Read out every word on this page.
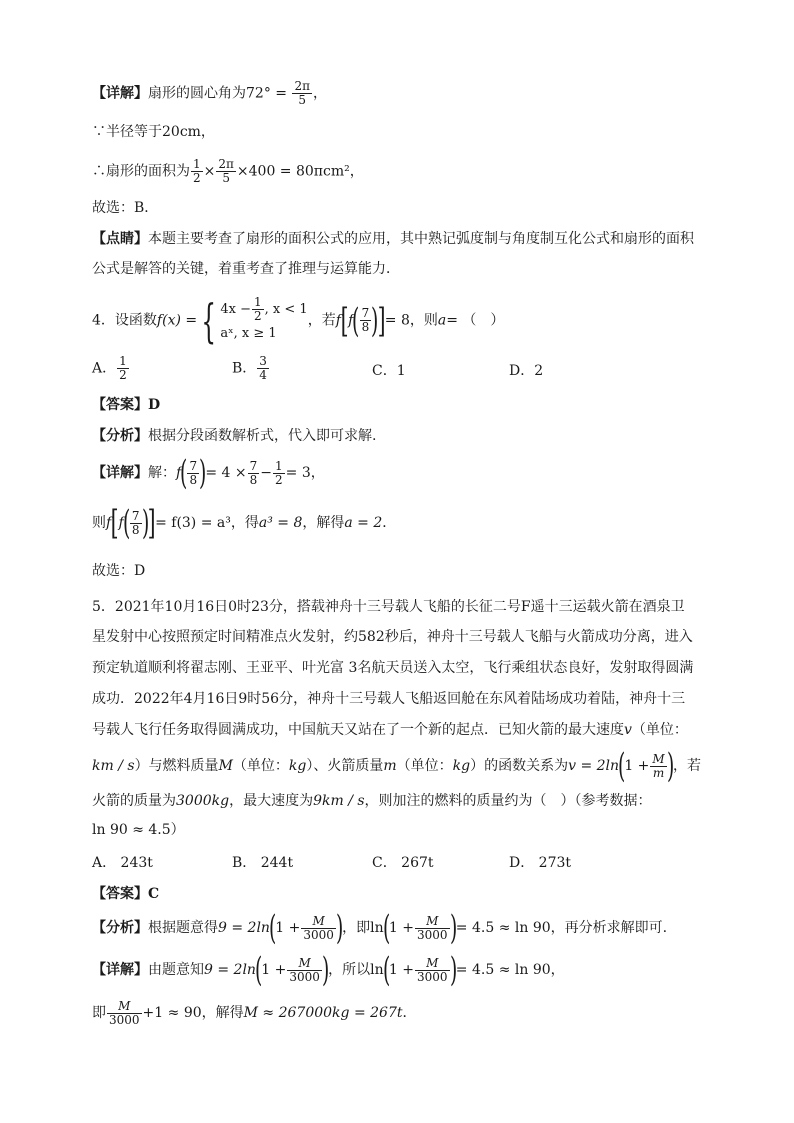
【详解】扇形的圆心角为$72^\circ = \frac{2\pi}{5}$ ，
∵半径等于20cm，
∴扇形的面积为 $\frac{1}{2} \times \frac{2\pi}{5} \times 400 = 80\pi cm^2$，
故选：B．
【点睛】本题主要考查了扇形的面积公式的应用，其中熟记弧度制与角度制互化公式和扇形的面积
公式是解答的关键，着重考查了推理与运算能力．
4．设函数f(x) ={ $4x - \frac{1}{2}$ , x < 1
aˣ, x ≥ 1
，若$f[f( \frac{7}{8}$ )]= 8，则a= （　）
A． $\frac{1}{2}$	B． $\frac{3}{4}$	C．1	D．2
【答案】D
【分析】根据分段函数解析式，代入即可求解.
【详解】解：$f( \frac{7}{8}$ )= $4 \times \frac{7}{8} - \frac{1}{2} = 3$，
则$f[f( \frac{7}{8}$ )]= f(3) = a³，得a³ = 8，解得a = 2．
故选：D
5．2021年10月16日0时23分，搭载神舟十三号载人飞船的长征二号F遥十三运载火箭在酒泉卫
星发射中心按照预定时间精准点火发射，约582秒后，神舟十三号载人飞船与火箭成功分离，进入
预定轨道顺利将翟志刚、王亚平、叶光富 3名航天员送入太空，飞行乘组状态良好，发射取得圆满
成功．2022年4月16日9时56分，神舟十三号载人飞船返回舱在东风着陆场成功着陆，神舟十三
号载人飞行任务取得圆满成功，中国航天又站在了一个新的起点．已知火箭的最大速度v（单位：
km / s）与燃料质量M（单位：kg）、火箭质量m（单位：kg）的函数关系为$v = 2\ln(1 + \frac{M}{m}$ )，若
火箭的质量为3000kg，最大速度为9km / s，则加注的燃料的质量约为（　）（参考数据：
ln 90 ≈ 4.5）
A． 243t	B． 244t	C． 267t	D． 273t
【答案】C
【分析】根据题意得$9 = 2\ln(1 + \frac{M}{3000}$ )，即$\ln(1 + \frac{M}{3000}$ )= 4.5 ≈ ln 90，再分析求解即可.
【详解】由题意知$9 = 2\ln(1 + \frac{M}{3000}$ )，所以$\ln(1 + \frac{M}{3000}$ )= 4.5 ≈ ln 90，
即 $\frac{M}{3000} +1 \approx 90$，解得M ≈ 267000kg = 267t．
